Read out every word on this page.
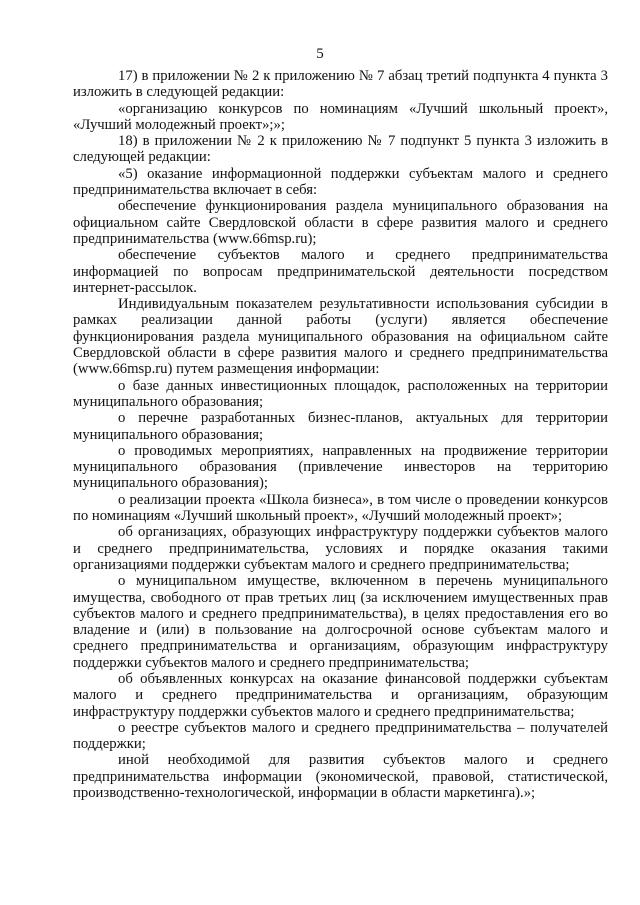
5

17) в приложении № 2 к приложению № 7 абзац третий подпункта 4 пункта 3 изложить в следующей редакции:

«организацию конкурсов по номинациям «Лучший школьный проект», «Лучший молодежный проект»;»;

18) в приложении № 2 к приложению № 7 подпункт 5 пункта 3 изложить в следующей редакции:

«5) оказание информационной поддержки субъектам малого и среднего предпринимательства включает в себя:

обеспечение функционирования раздела муниципального образования на официальном сайте Свердловской области в сфере развития малого и среднего предпринимательства (www.66msp.ru);

обеспечение субъектов малого и среднего предпринимательства информацией по вопросам предпринимательской деятельности посредством интернет-рассылок.

Индивидуальным показателем результативности использования субсидии в рамках реализации данной работы (услуги) является обеспечение функционирования раздела муниципального образования на официальном сайте Свердловской области в сфере развития малого и среднего предпринимательства (www.66msp.ru) путем размещения информации:

о базе данных инвестиционных площадок, расположенных на территории муниципального образования;

о перечне разработанных бизнес-планов, актуальных для территории муниципального образования;

о проводимых мероприятиях, направленных на продвижение территории муниципального образования (привлечение инвесторов на территорию муниципального образования);

о реализации проекта «Школа бизнеса», в том числе о проведении конкурсов по номинациям «Лучший школьный проект», «Лучший молодежный проект»;

об организациях, образующих инфраструктуру поддержки субъектов малого и среднего предпринимательства, условиях и порядке оказания такими организациями поддержки субъектам малого и среднего предпринимательства;

о муниципальном имуществе, включенном в перечень муниципального имущества, свободного от прав третьих лиц (за исключением имущественных прав субъектов малого и среднего предпринимательства), в целях предоставления его во владение и (или) в пользование на долгосрочной основе субъектам малого и среднего предпринимательства и организациям, образующим инфраструктуру поддержки субъектов малого и среднего предпринимательства;

об объявленных конкурсах на оказание финансовой поддержки субъектам малого и среднего предпринимательства и организациям, образующим инфраструктуру поддержки субъектов малого и среднего предпринимательства;

о реестре субъектов малого и среднего предпринимательства – получателей поддержки;

иной необходимой для развития субъектов малого и среднего предпринимательства информации (экономической, правовой, статистической, производственно-технологической, информации в области маркетинга).»;
